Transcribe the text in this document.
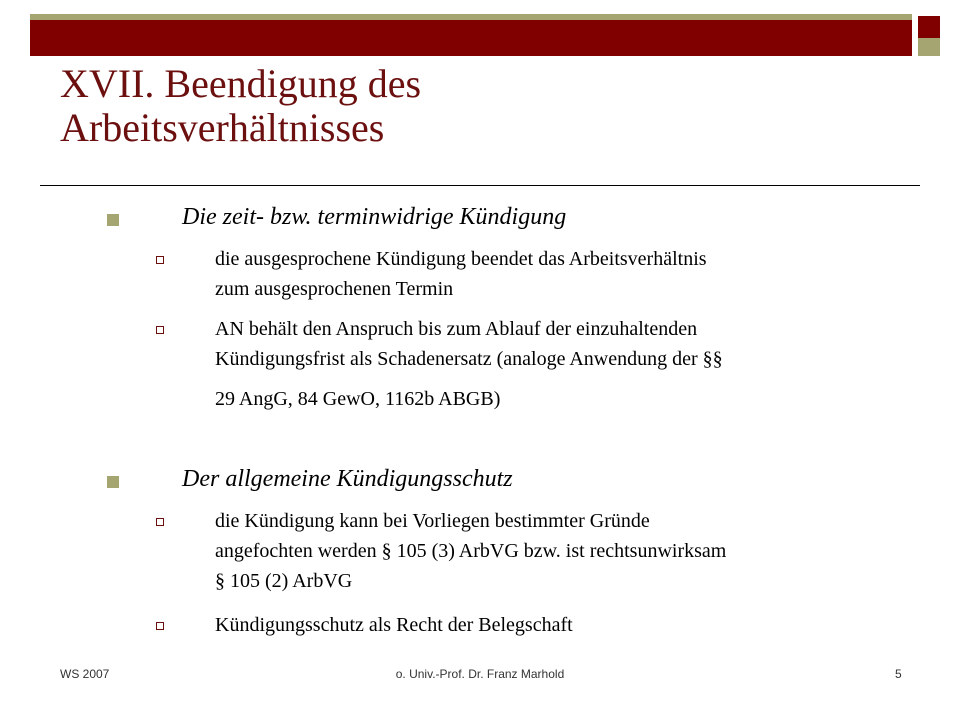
XVII. Beendigung des
Arbeitsverhältnisses
Die zeit- bzw. terminwidrige Kündigung
die ausgesprochene Kündigung beendet das Arbeitsverhältnis
zum ausgesprochenen Termin
AN behält den Anspruch bis zum Ablauf der einzuhaltenden
Kündigungsfrist als Schadenersatz (analoge Anwendung der §§
29 AngG, 84 GewO, 1162b ABGB)
Der allgemeine Kündigungsschutz
die Kündigung kann bei Vorliegen bestimmter Gründe
angefochten werden § 105 (3) ArbVG bzw. ist rechtsunwirksam
§ 105 (2) ArbVG
Kündigungsschutz als Recht der Belegschaft
WS 2007	o. Univ.-Prof. Dr. Franz Marhold	5
